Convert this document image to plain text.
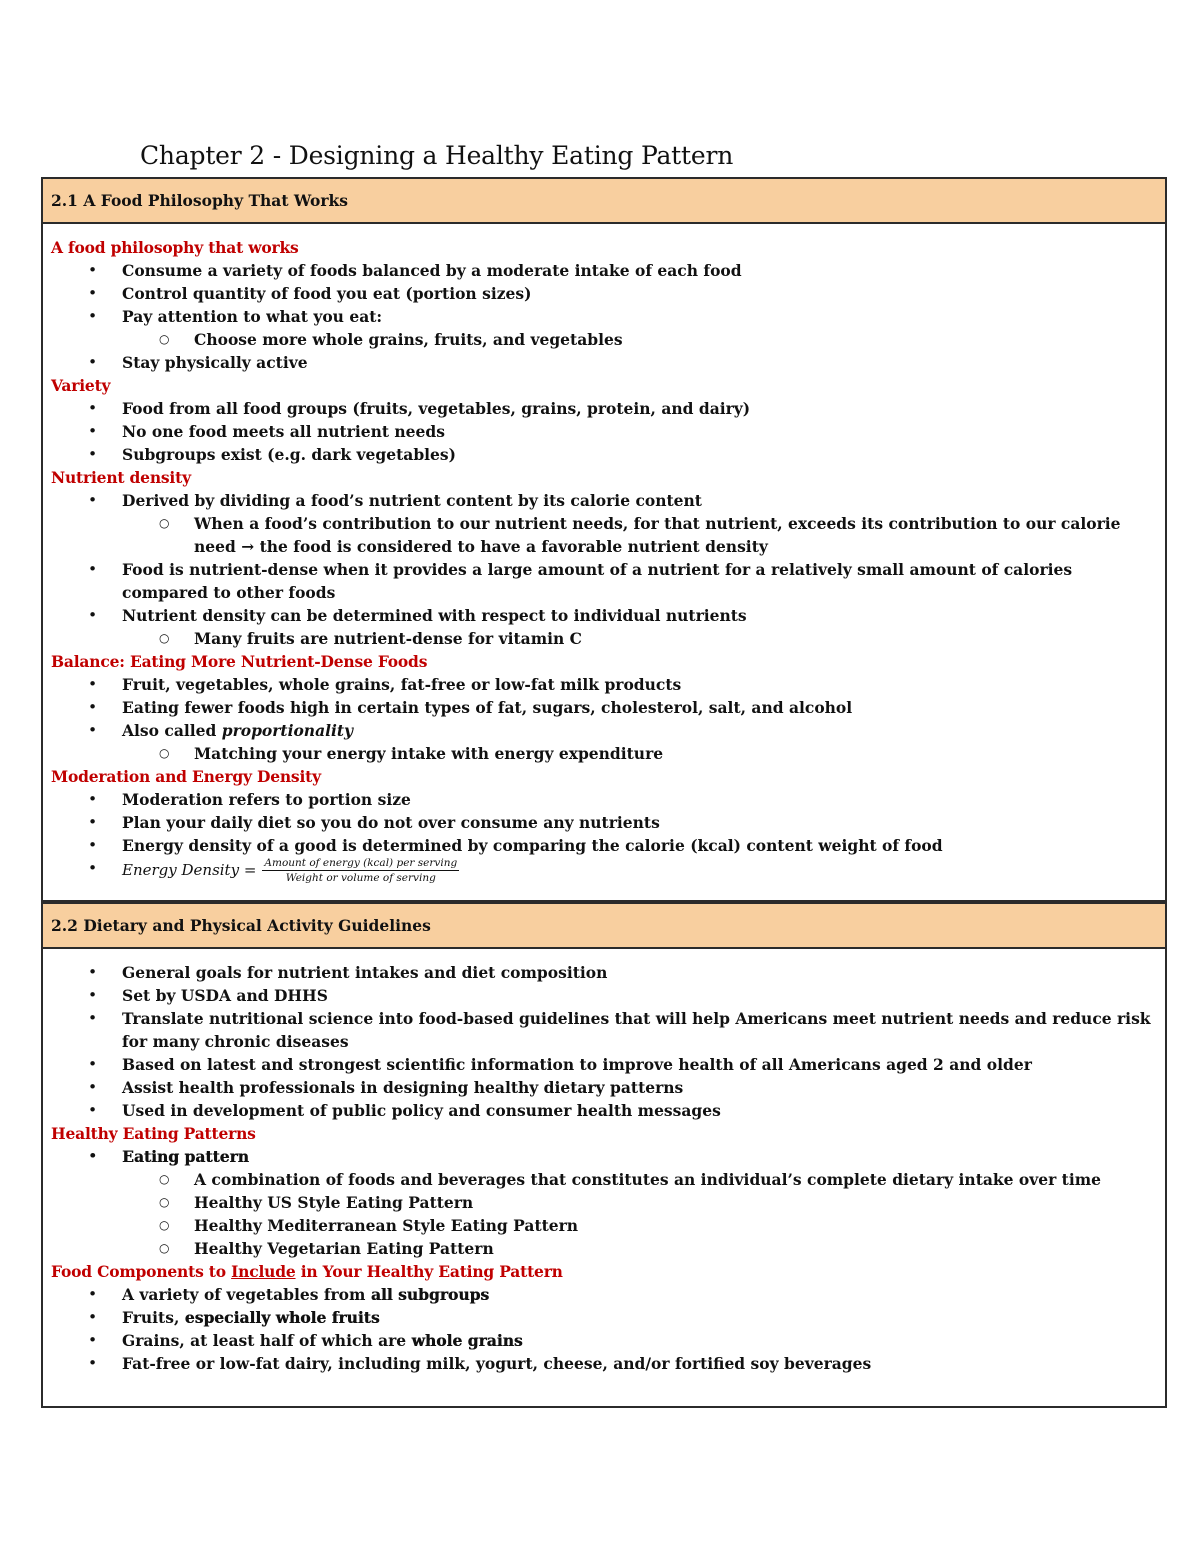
Chapter 2 - Designing a Healthy Eating Pattern
2.1 A Food Philosophy That Works
A food philosophy that works
• Consume a variety of foods balanced by a moderate intake of each food
• Control quantity of food you eat (portion sizes)
• Pay attention to what you eat:
○ Choose more whole grains, fruits, and vegetables
• Stay physically active
Variety
• Food from all food groups (fruits, vegetables, grains, protein, and dairy)
• No one food meets all nutrient needs
• Subgroups exist (e.g. dark vegetables)
Nutrient density
• Derived by dividing a food’s nutrient content by its calorie content
○ When a food’s contribution to our nutrient needs, for that nutrient, exceeds its contribution to our calorie need → the food is considered to have a favorable nutrient density
• Food is nutrient-dense when it provides a large amount of a nutrient for a relatively small amount of calories compared to other foods
• Nutrient density can be determined with respect to individual nutrients
○ Many fruits are nutrient-dense for vitamin C
Balance: Eating More Nutrient-Dense Foods
• Fruit, vegetables, whole grains, fat-free or low-fat milk products
• Eating fewer foods high in certain types of fat, sugars, cholesterol, salt, and alcohol
• Also called proportionality
○ Matching your energy intake with energy expenditure
Moderation and Energy Density
• Moderation refers to portion size
• Plan your daily diet so you do not over consume any nutrients
• Energy density of a good is determined by comparing the calorie (kcal) content weight of food
• Energy Density = $\frac{\text{Amount of energy (kcal) per serving}}{\text{Weight or volume of serving}}$
2.2 Dietary and Physical Activity Guidelines
• General goals for nutrient intakes and diet composition
• Set by USDA and DHHS
• Translate nutritional science into food-based guidelines that will help Americans meet nutrient needs and reduce risk for many chronic diseases
• Based on latest and strongest scientific information to improve health of all Americans aged 2 and older
• Assist health professionals in designing healthy dietary patterns
• Used in development of public policy and consumer health messages
Healthy Eating Patterns
• Eating pattern
○ A combination of foods and beverages that constitutes an individual’s complete dietary intake over time
○ Healthy US Style Eating Pattern
○ Healthy Mediterranean Style Eating Pattern
○ Healthy Vegetarian Eating Pattern
Food Components to Include in Your Healthy Eating Pattern
• A variety of vegetables from all subgroups
• Fruits, especially whole fruits
• Grains, at least half of which are whole grains
• Fat-free or low-fat dairy, including milk, yogurt, cheese, and/or fortified soy beverages
